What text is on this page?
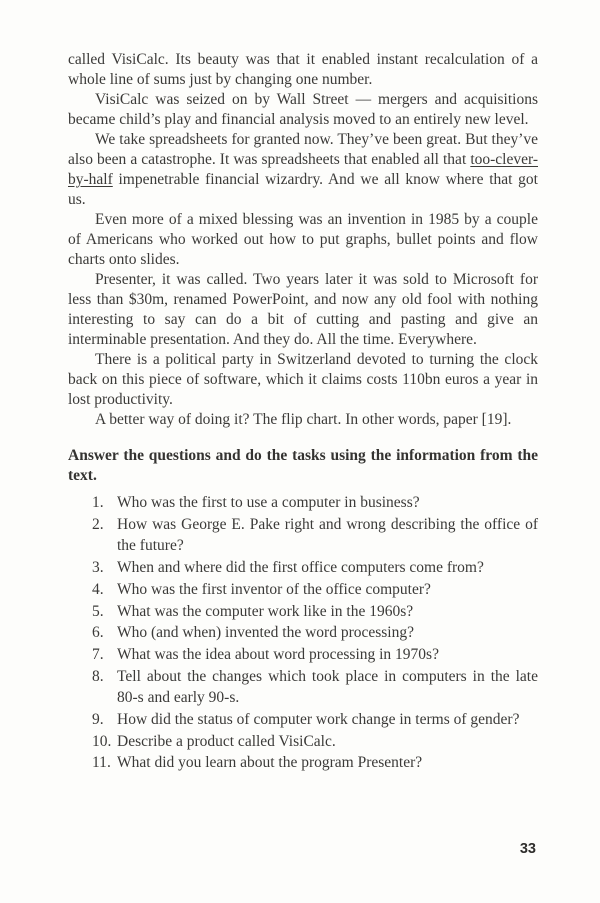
called VisiCalc. Its beauty was that it enabled instant recalculation of a whole line of sums just by changing one number.

VisiCalc was seized on by Wall Street — mergers and acquisitions became child’s play and financial analysis moved to an entirely new level.

We take spreadsheets for granted now. They’ve been great. But they’ve also been a catastrophe. It was spreadsheets that enabled all that too-clever-by-half impenetrable financial wizardry. And we all know where that got us.

Even more of a mixed blessing was an invention in 1985 by a couple of Americans who worked out how to put graphs, bullet points and flow charts onto slides.

Presenter, it was called. Two years later it was sold to Microsoft for less than $30m, renamed PowerPoint, and now any old fool with nothing interesting to say can do a bit of cutting and pasting and give an interminable presentation. And they do. All the time. Everywhere.

There is a political party in Switzerland devoted to turning the clock back on this piece of software, which it claims costs 110bn euros a year in lost productivity.

A better way of doing it? The flip chart. In other words, paper [19].

Answer the questions and do the tasks using the information from the text.

Who was the first to use a computer in business?
How was George E. Pake right and wrong describing the office of the future?
When and where did the first office computers come from?
Who was the first inventor of the office computer?
What was the computer work like in the 1960s?
Who (and when) invented the word processing?
What was the idea about word processing in 1970s?
Tell about the changes which took place in computers in the late 80-s and early 90-s.
How did the status of computer work change in terms of gender?
Describe a product called VisiCalc.
What did you learn about the program Presenter?
33
